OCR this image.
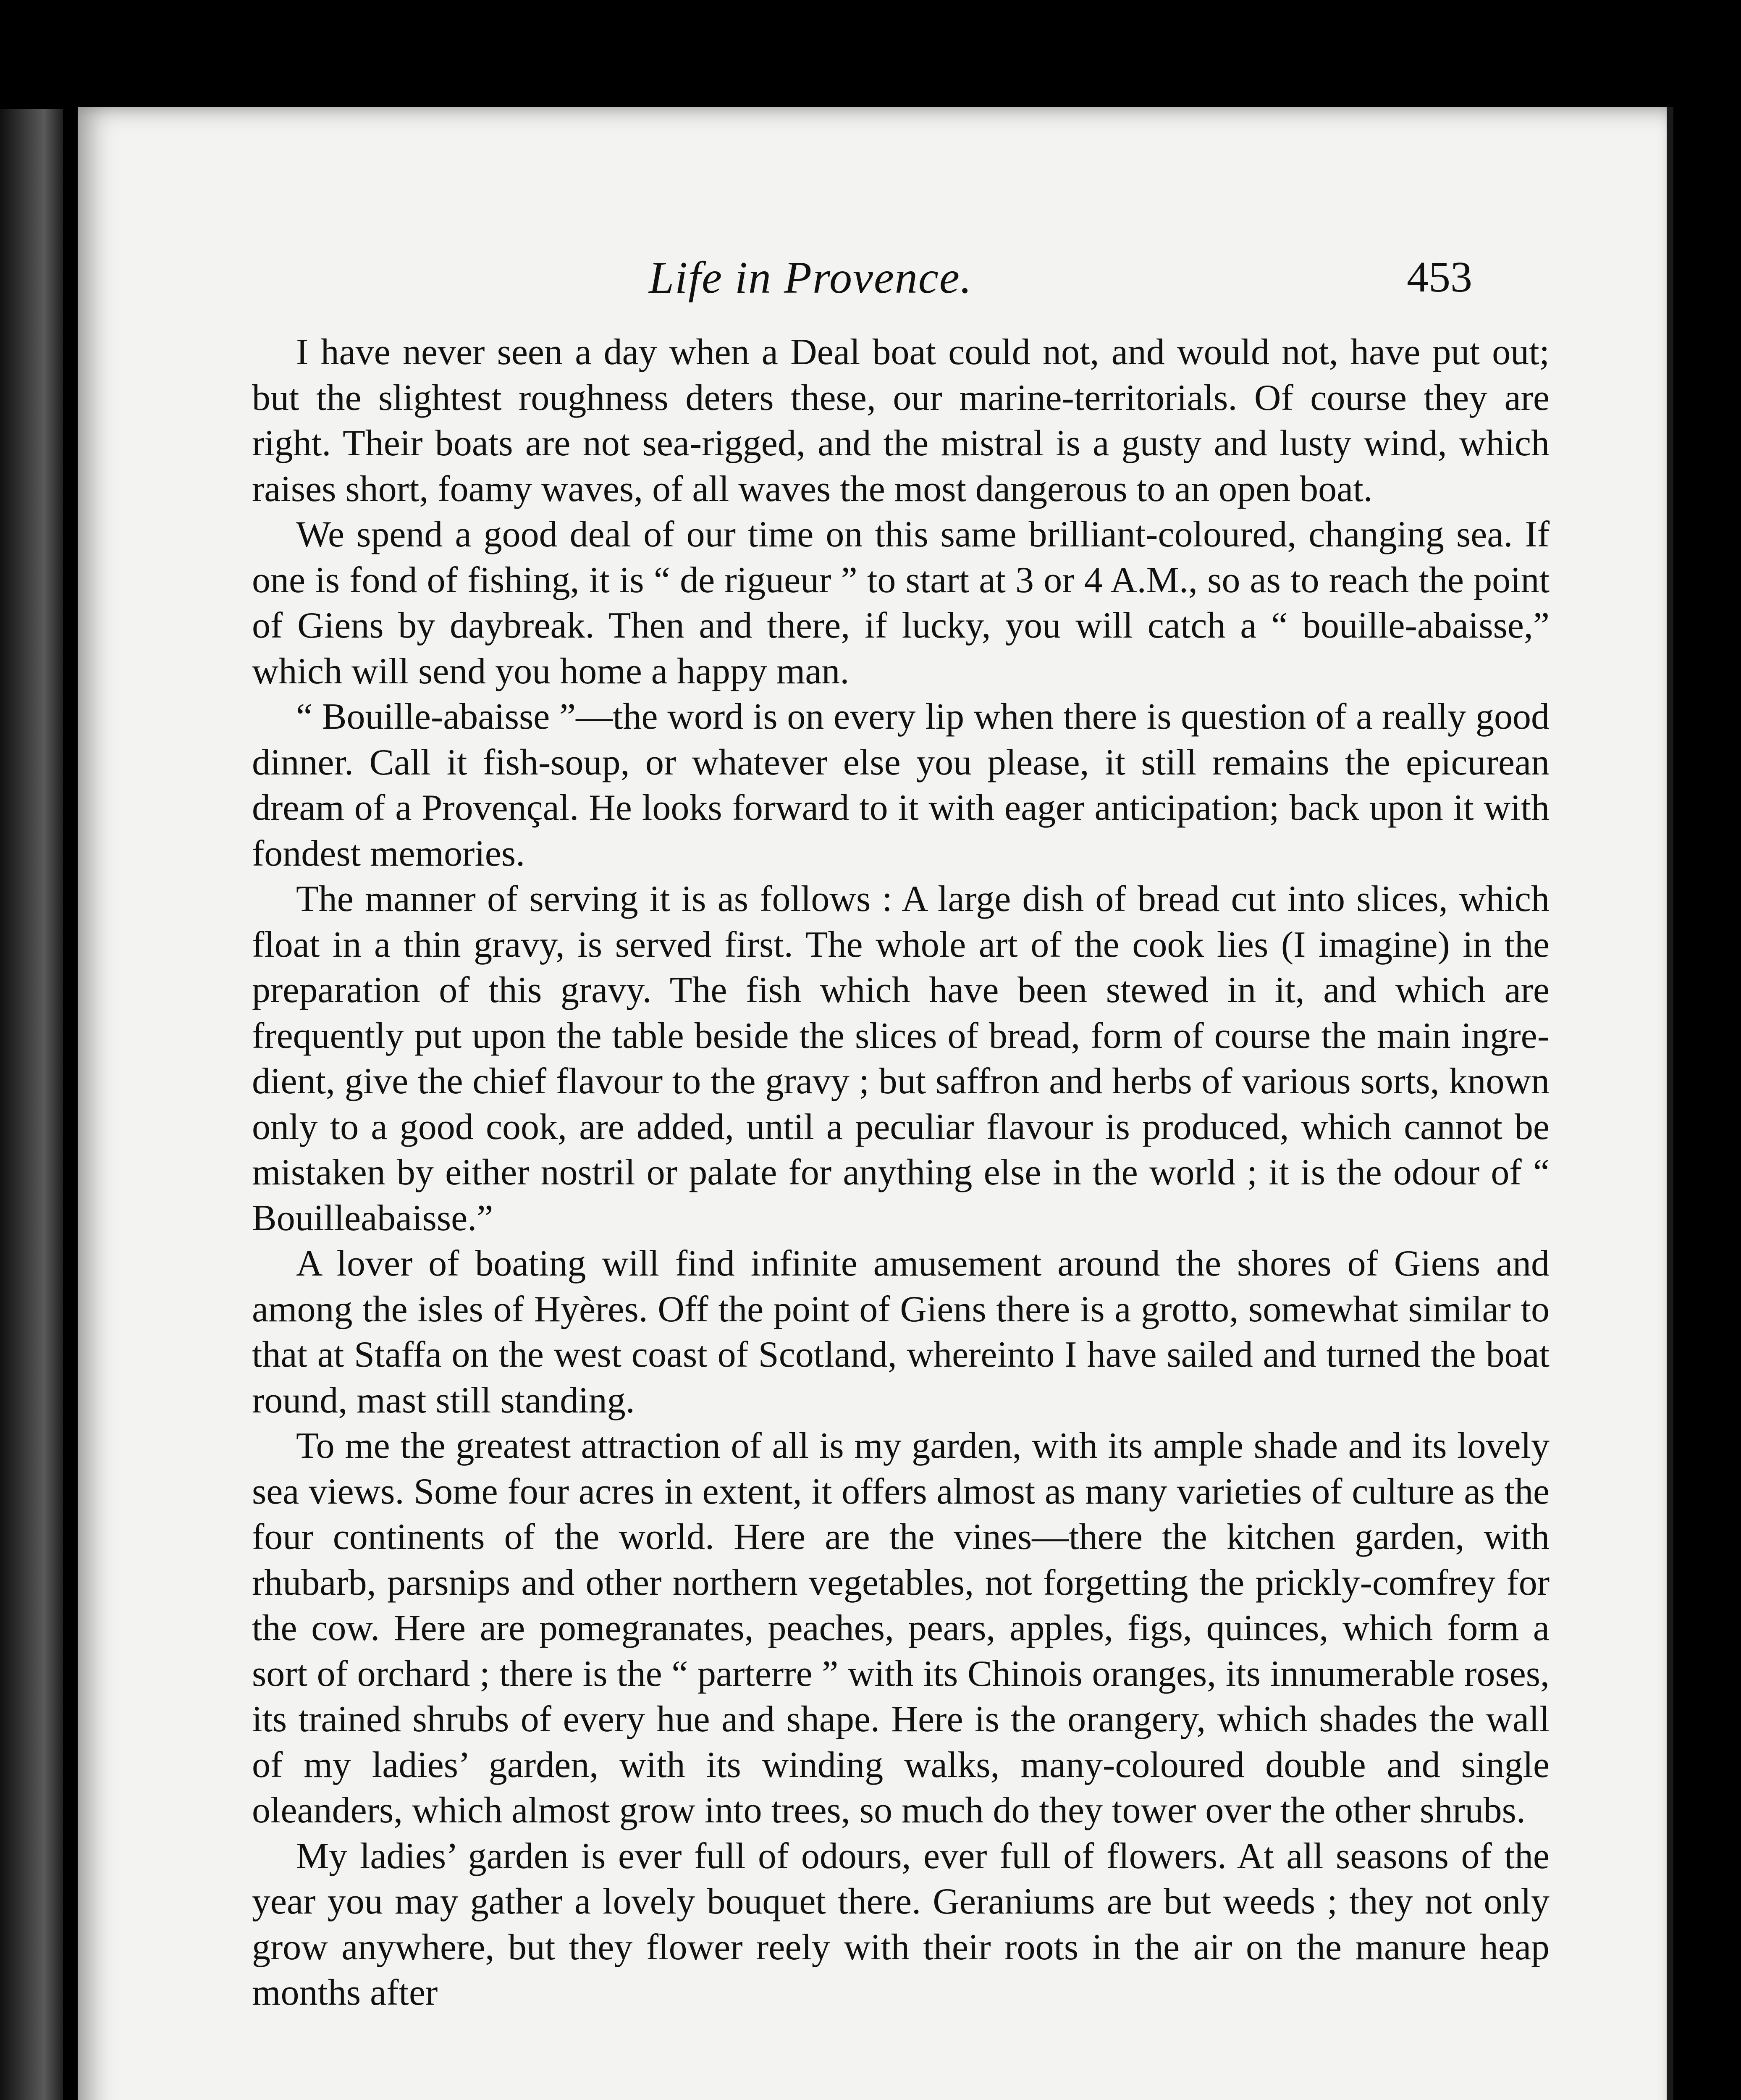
Life in Provence.	453

I have never seen a day when a Deal boat could not, and would not, have put out; but the slightest roughness deters these, our marine-territorials. Of course they are right. Their boats are not sea-rigged, and the mistral is a gusty and lusty wind, which raises short, foamy waves, of all waves the most dangerous to an open boat.

We spend a good deal of our time on this same brilliant-coloured, changing sea. If one is fond of fishing, it is “ de rigueur ” to start at 3 or 4 A.M., so as to reach the point of Giens by daybreak. Then and there, if lucky, you will catch a “ bouille-abaisse,” which will send you home a happy man.

“ Bouille-abaisse ”—the word is on every lip when there is question of a really good dinner. Call it fish-soup, or whatever else you please, it still remains the epicurean dream of a Provençal. He looks forward to it with eager anticipation; back upon it with fondest memories.

The manner of serving it is as follows : A large dish of bread cut into slices, which float in a thin gravy, is served first. The whole art of the cook lies (I imagine) in the preparation of this gravy. The fish which have been stewed in it, and which are frequently put upon the table beside the slices of bread, form of course the main ingredient, give the chief flavour to the gravy ; but saffron and herbs of various sorts, known only to a good cook, are added, until a peculiar flavour is produced, which cannot be mistaken by either nostril or palate for anything else in the world ; it is the odour of “ Bouilleabaisse.”

A lover of boating will find infinite amusement around the shores of Giens and among the isles of Hyères. Off the point of Giens there is a grotto, somewhat similar to that at Staffa on the west coast of Scotland, whereinto I have sailed and turned the boat round, mast still standing.

To me the greatest attraction of all is my garden, with its ample shade and its lovely sea views. Some four acres in extent, it offers almost as many varieties of culture as the four continents of the world. Here are the vines—there the kitchen garden, with rhubarb, parsnips and other northern vegetables, not forgetting the prickly-comfrey for the cow. Here are pomegranates, peaches, pears, apples, figs, quinces, which form a sort of orchard ; there is the “ parterre ” with its Chinois oranges, its innumerable roses, its trained shrubs of every hue and shape. Here is the orangery, which shades the wall of my ladies’ garden, with its winding walks, many-coloured double and single oleanders, which almost grow into trees, so much do they tower over the other shrubs.

My ladies’ garden is ever full of odours, ever full of flowers. At all seasons of the year you may gather a lovely bouquet there. Geraniums are but weeds ; they not only grow anywhere, but they flower reely with their roots in the air on the manure heap months after
